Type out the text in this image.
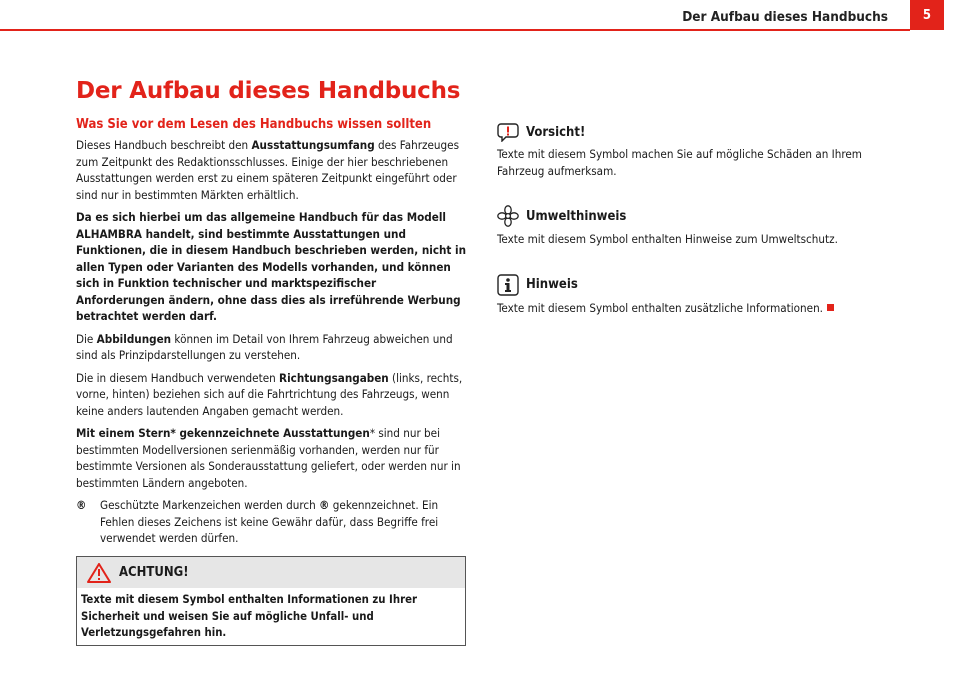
Der Aufbau dieses Handbuchs	5
Der Aufbau dieses Handbuchs
Was Sie vor dem Lesen des Handbuchs wissen sollten

Dieses Handbuch beschreibt den Ausstattungsumfang des Fahrzeuges zum Zeitpunkt des Redaktionsschlusses. Einige der hier beschriebenen Ausstattungen werden erst zu einem späteren Zeitpunkt eingeführt oder sind nur in bestimmten Märkten erhältlich.

Da es sich hierbei um das allgemeine Handbuch für das Modell ALHAMBRA handelt, sind bestimmte Ausstattungen und Funktionen, die in diesem Handbuch beschrieben werden, nicht in allen Typen oder Varianten des Modells vorhanden, und können sich in Funktion technischer und marktspezifischer Anforderungen ändern, ohne dass dies als irreführende Werbung betrachtet werden darf.

Die Abbildungen können im Detail von Ihrem Fahrzeug abweichen und sind als Prinzipdarstellungen zu verstehen.

Die in diesem Handbuch verwendeten Richtungsangaben (links, rechts, vorne, hinten) beziehen sich auf die Fahrtrichtung des Fahrzeugs, wenn keine anders lautenden Angaben gemacht werden.

Mit einem Stern* gekennzeichnete Ausstattungen* sind nur bei bestimmten Modellversionen serienmäßig vorhanden, werden nur für bestimmte Versionen als Sonderausstattung geliefert, oder werden nur in bestimmten Ländern angeboten.

®	Geschützte Markenzeichen werden durch ® gekennzeichnet. Ein Fehlen dieses Zeichens ist keine Gewähr dafür, dass Begriffe frei verwendet werden dürfen.
ACHTUNG!
Texte mit diesem Symbol enthalten Informationen zu Ihrer Sicherheit und weisen Sie auf mögliche Unfall- und Verletzungsgefahren hin.
Vorsicht!

Texte mit diesem Symbol machen Sie auf mögliche Schäden an Ihrem Fahrzeug aufmerksam.

Umwelthinweis

Texte mit diesem Symbol enthalten Hinweise zum Umweltschutz.

Hinweis

Texte mit diesem Symbol enthalten zusätzliche Informationen.
